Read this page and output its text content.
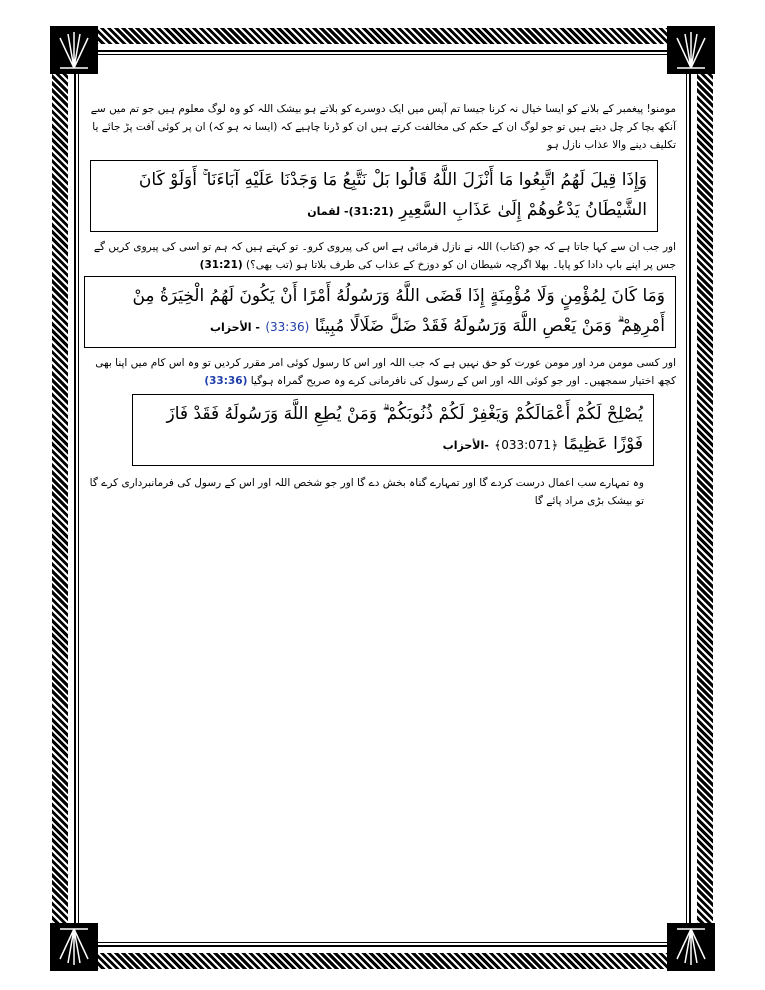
مومنو! پیغمبر کے بلانے کو ایسا خیال نہ کرنا جیسا تم آپس میں ایک دوسرے کو بلاتے ہو بیشک اللہ کو وہ لوگ معلوم ہیں جو تم میں سے آنکھ بچا کر چل دیتے ہیں تو جو لوگ ان کے حکم کی مخالفت کرتے ہیں ان کو ڈرنا چاہیے کہ (ایسا نہ ہو کہ) ان پر کوئی آفت پڑ جائے یا تکلیف دینے والا عذاب نازل ہو

وَإِذَا قِيلَ لَهُمُ اتَّبِعُوا مَا أَنْزَلَ اللَّهُ قَالُوا بَلْ نَتَّبِعُ مَا وَجَدْنَا عَلَيْهِ آبَاءَنَا ۚ أَوَلَوْ كَانَ الشَّيْطَانُ يَدْعُوهُمْ إِلَىٰ عَذَابِ السَّعِيرِ (31:21)- لقمان

اور جب ان سے کہا جاتا ہے کہ جو (کتاب) اللہ نے نازل فرمائی ہے اس کی پیروی کرو۔ تو کہتے ہیں کہ ہم تو اسی کی پیروی کریں گے جس پر اپنے باپ دادا کو پایا۔ بھلا اگرچہ شیطان ان کو دوزخ کے عذاب کی طرف بلاتا ہو (تب بھی؟) (31:21)

وَمَا كَانَ لِمُؤْمِنٍ وَلَا مُؤْمِنَةٍ إِذَا قَضَى اللَّهُ وَرَسُولُهُ أَمْرًا أَنْ يَكُونَ لَهُمُ الْخِيَرَةُ مِنْ أَمْرِهِمْ ۗ وَمَنْ يَعْصِ اللَّهَ وَرَسُولَهُ فَقَدْ ضَلَّ ضَلَالًا مُبِينًا (33:36) - الأحزاب

اور کسی مومن مرد اور مومن عورت کو حق نہیں ہے کہ جب اللہ اور اس کا رسول کوئی امر مقرر کردیں تو وہ اس کام میں اپنا بھی کچھ اختیار سمجھیں۔ اور جو کوئی اللہ اور اس کے رسول کی نافرمانی کرے وہ صریح گمراہ ہوگیا (33:36)

يُصْلِحْ لَكُمْ أَعْمَالَكُمْ وَيَغْفِرْ لَكُمْ ذُنُوبَكُمْ ۗ وَمَنْ يُطِعِ اللَّهَ وَرَسُولَهُ فَقَدْ فَازَ فَوْزًا عَظِيمًا ﴿033:071﴾ -الأحزاب

وہ تمہارے سب اعمال درست کردے گا اور تمہارے گناہ بخش دے گا اور جو شخص اللہ اور اس کے رسول کی فرمانبرداری کرے گا تو بیشک بڑی مراد پائے گا
